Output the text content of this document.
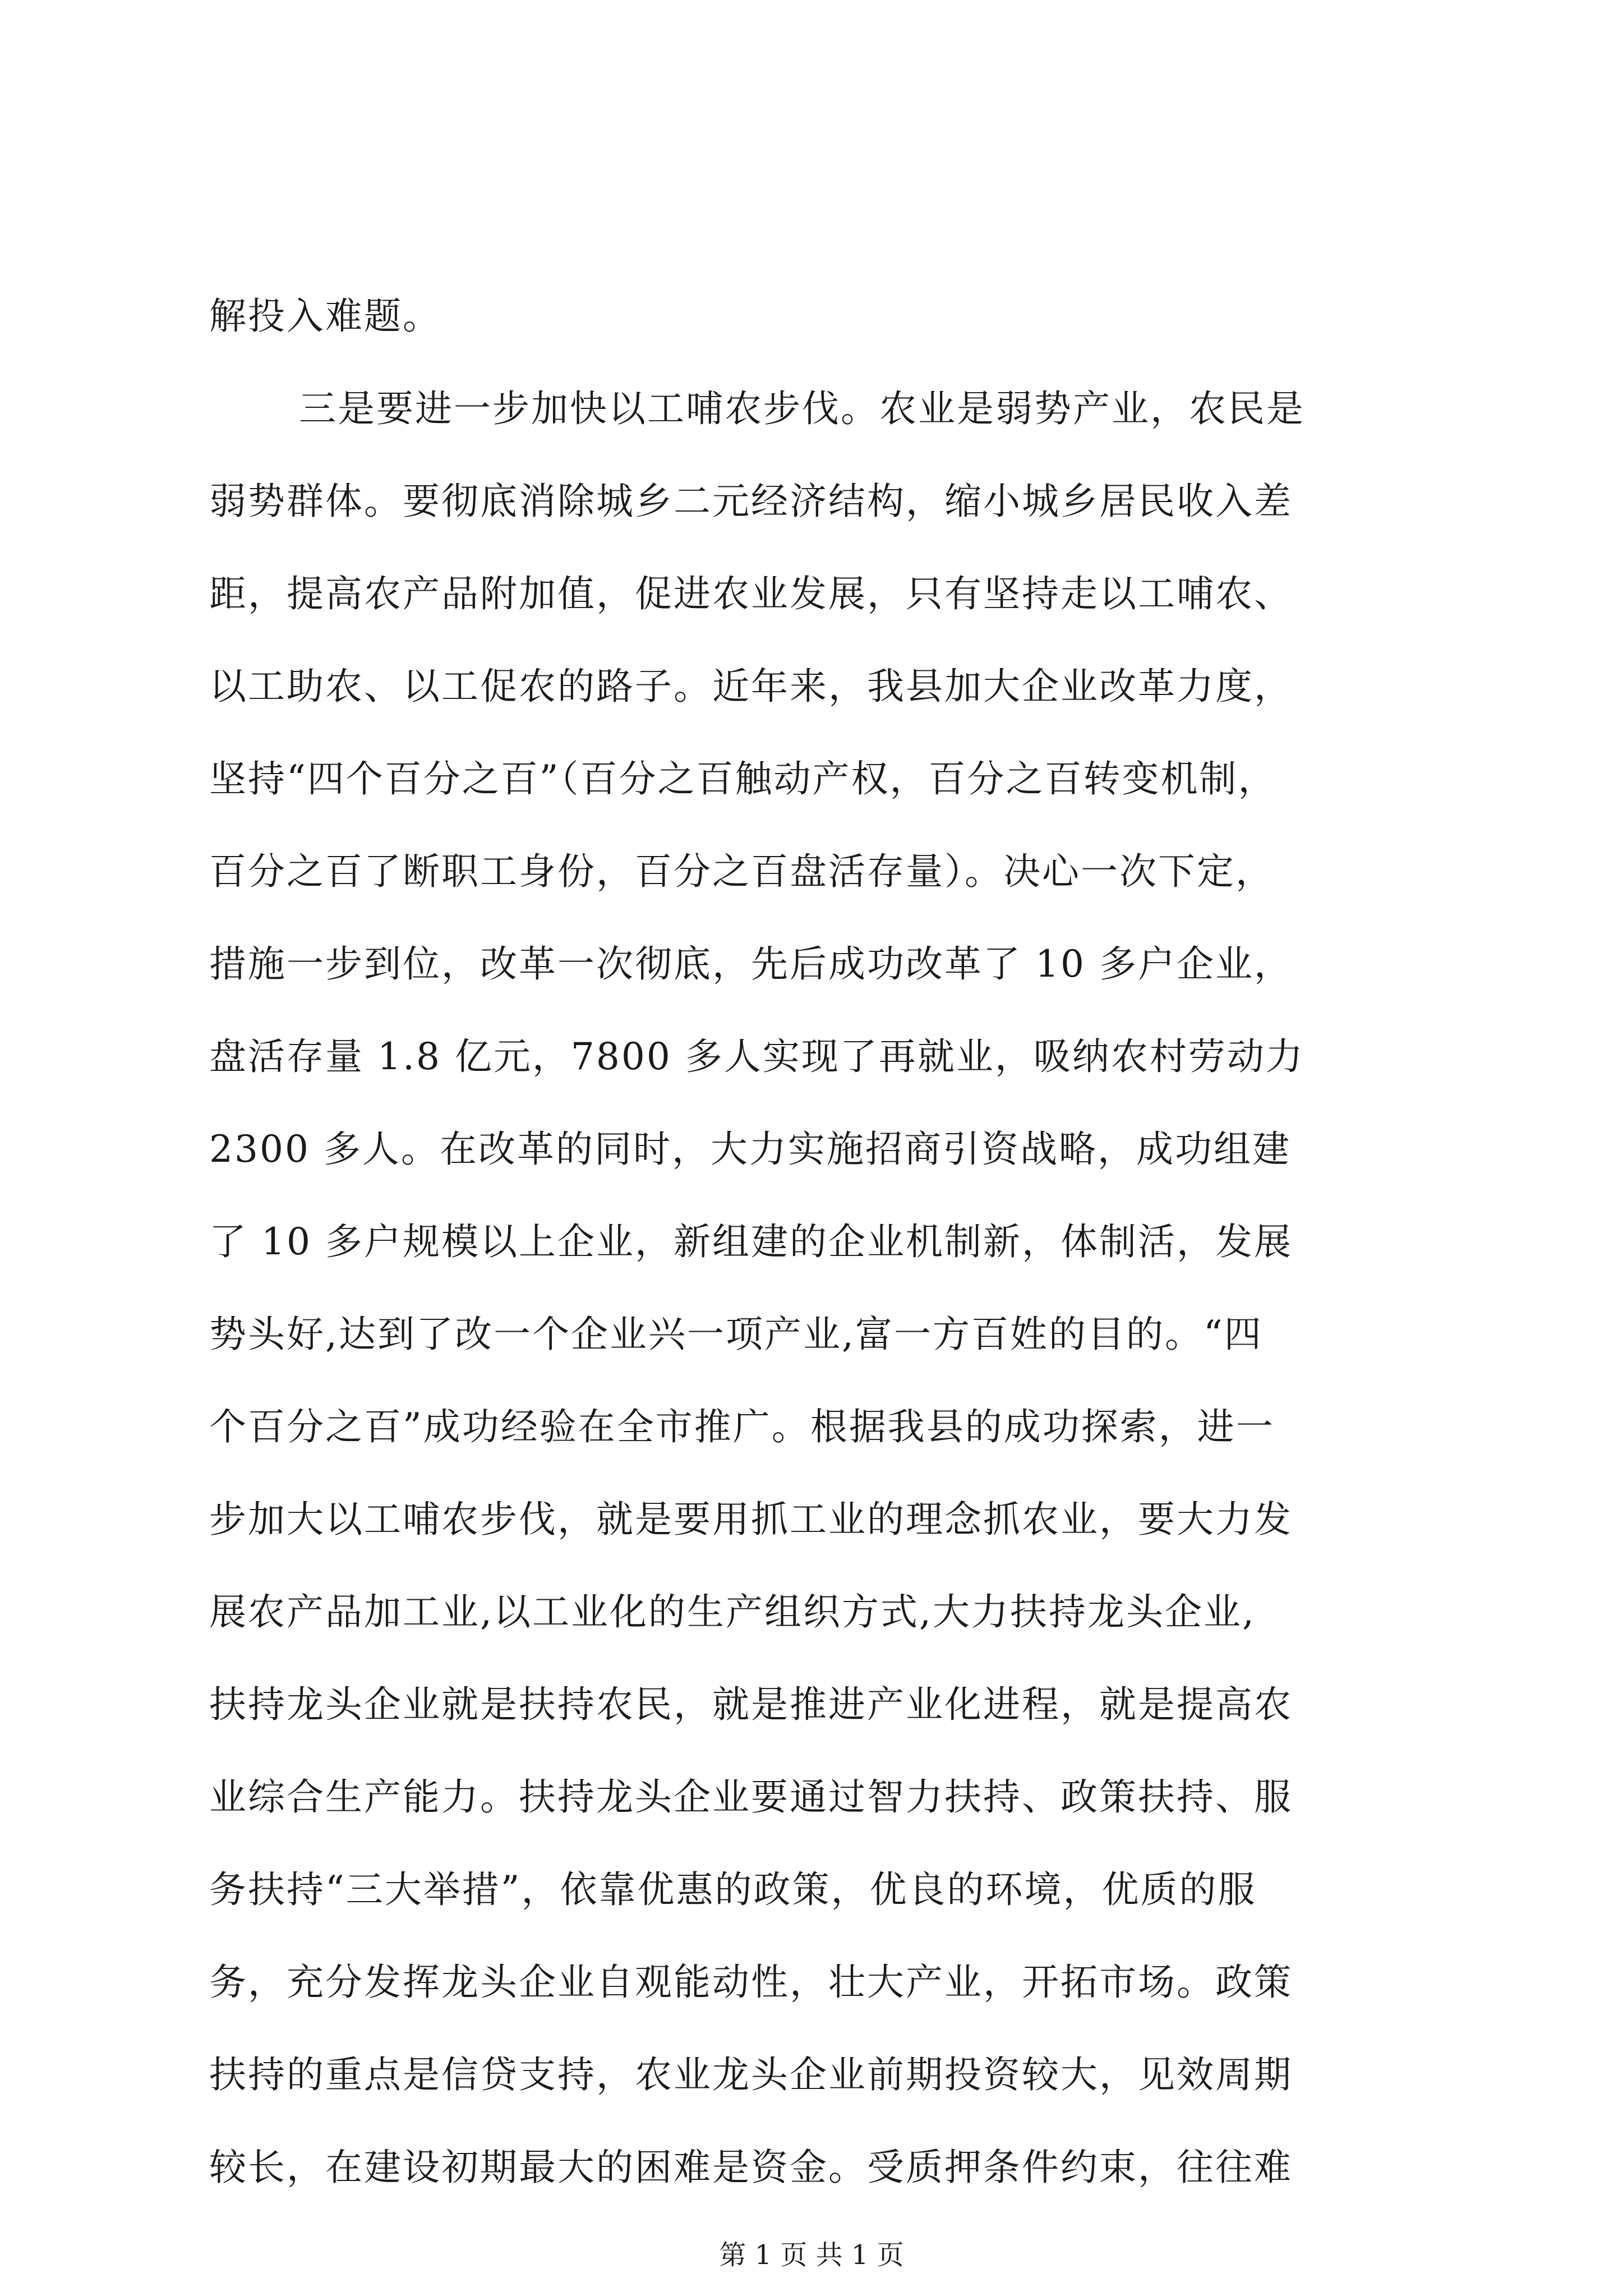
解投入难题。
三是要进一步加快以工哺农步伐。农业是弱势产业，农民是
弱势群体。要彻底消除城乡二元经济结构，缩小城乡居民收入差
距，提高农产品附加值，促进农业发展，只有坚持走以工哺农、
以工助农、以工促农的路子。近年来，我县加大企业改革力度，
坚持“四个百分之百”（百分之百触动产权，百分之百转变机制，
百分之百了断职工身份，百分之百盘活存量）。决心一次下定，
措施一步到位，改革一次彻底，先后成功改革了 10 多户企业，
盘活存量 1.8 亿元，7800 多人实现了再就业，吸纳农村劳动力
2300 多人。在改革的同时，大力实施招商引资战略，成功组建
了 10 多户规模以上企业，新组建的企业机制新，体制活，发展
势头好,达到了改一个企业兴一项产业,富一方百姓的目的。“四
个百分之百”成功经验在全市推广。根据我县的成功探索，进一
步加大以工哺农步伐，就是要用抓工业的理念抓农业，要大力发
展农产品加工业,以工业化的生产组织方式,大力扶持龙头企业,
扶持龙头企业就是扶持农民，就是推进产业化进程，就是提高农
业综合生产能力。扶持龙头企业要通过智力扶持、政策扶持、服
务扶持“三大举措”，依靠优惠的政策，优良的环境，优质的服
务，充分发挥龙头企业自观能动性，壮大产业，开拓市场。政策
扶持的重点是信贷支持，农业龙头企业前期投资较大，见效周期
较长，在建设初期最大的困难是资金。受质押条件约束，往往难
第 1 页 共 1 页
